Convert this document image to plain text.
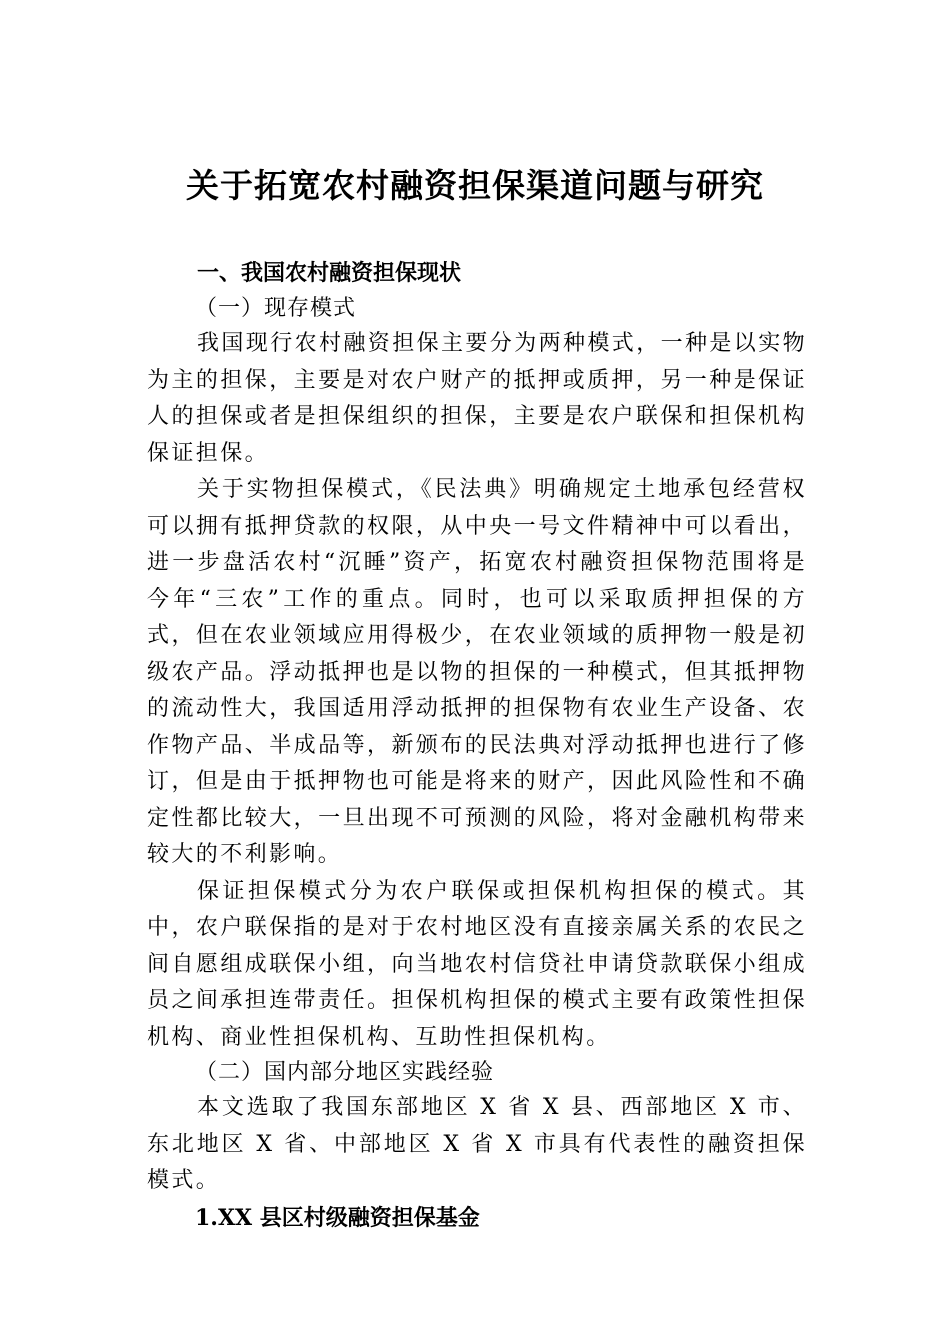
关于拓宽农村融资担保渠道问题与研究
一、我国农村融资担保现状
（一）现存模式

我国现行农村融资担保主要分为两种模式，一种是以实物为主的担保，主要是对农户财产的抵押或质押，另一种是保证人的担保或者是担保组织的担保，主要是农户联保和担保机构保证担保。

关于实物担保模式，《民法典》明确规定土地承包经营权可以拥有抵押贷款的权限，从中央一号文件精神中可以看出，进一步盘活农村“沉睡”资产，拓宽农村融资担保物范围将是今年“三农”工作的重点。同时，也可以采取质押担保的方式，但在农业领域应用得极少，在农业领域的质押物一般是初级农产品。浮动抵押也是以物的担保的一种模式，但其抵押物的流动性大，我国适用浮动抵押的担保物有农业生产设备、农作物产品、半成品等，新颁布的民法典对浮动抵押也进行了修订，但是由于抵押物也可能是将来的财产，因此风险性和不确定性都比较大，一旦出现不可预测的风险，将对金融机构带来较大的不利影响。

保证担保模式分为农户联保或担保机构担保的模式。其中，农户联保指的是对于农村地区没有直接亲属关系的农民之间自愿组成联保小组，向当地农村信贷社申请贷款联保小组成员之间承担连带责任。担保机构担保的模式主要有政策性担保机构、商业性担保机构、互助性担保机构。

（二）国内部分地区实践经验

本文选取了我国东部地区 X 省 X 县、西部地区 X 市、东北地区 X 省、中部地区 X 省 X 市具有代表性的融资担保模式。

1.XX 县区村级融资担保基金
